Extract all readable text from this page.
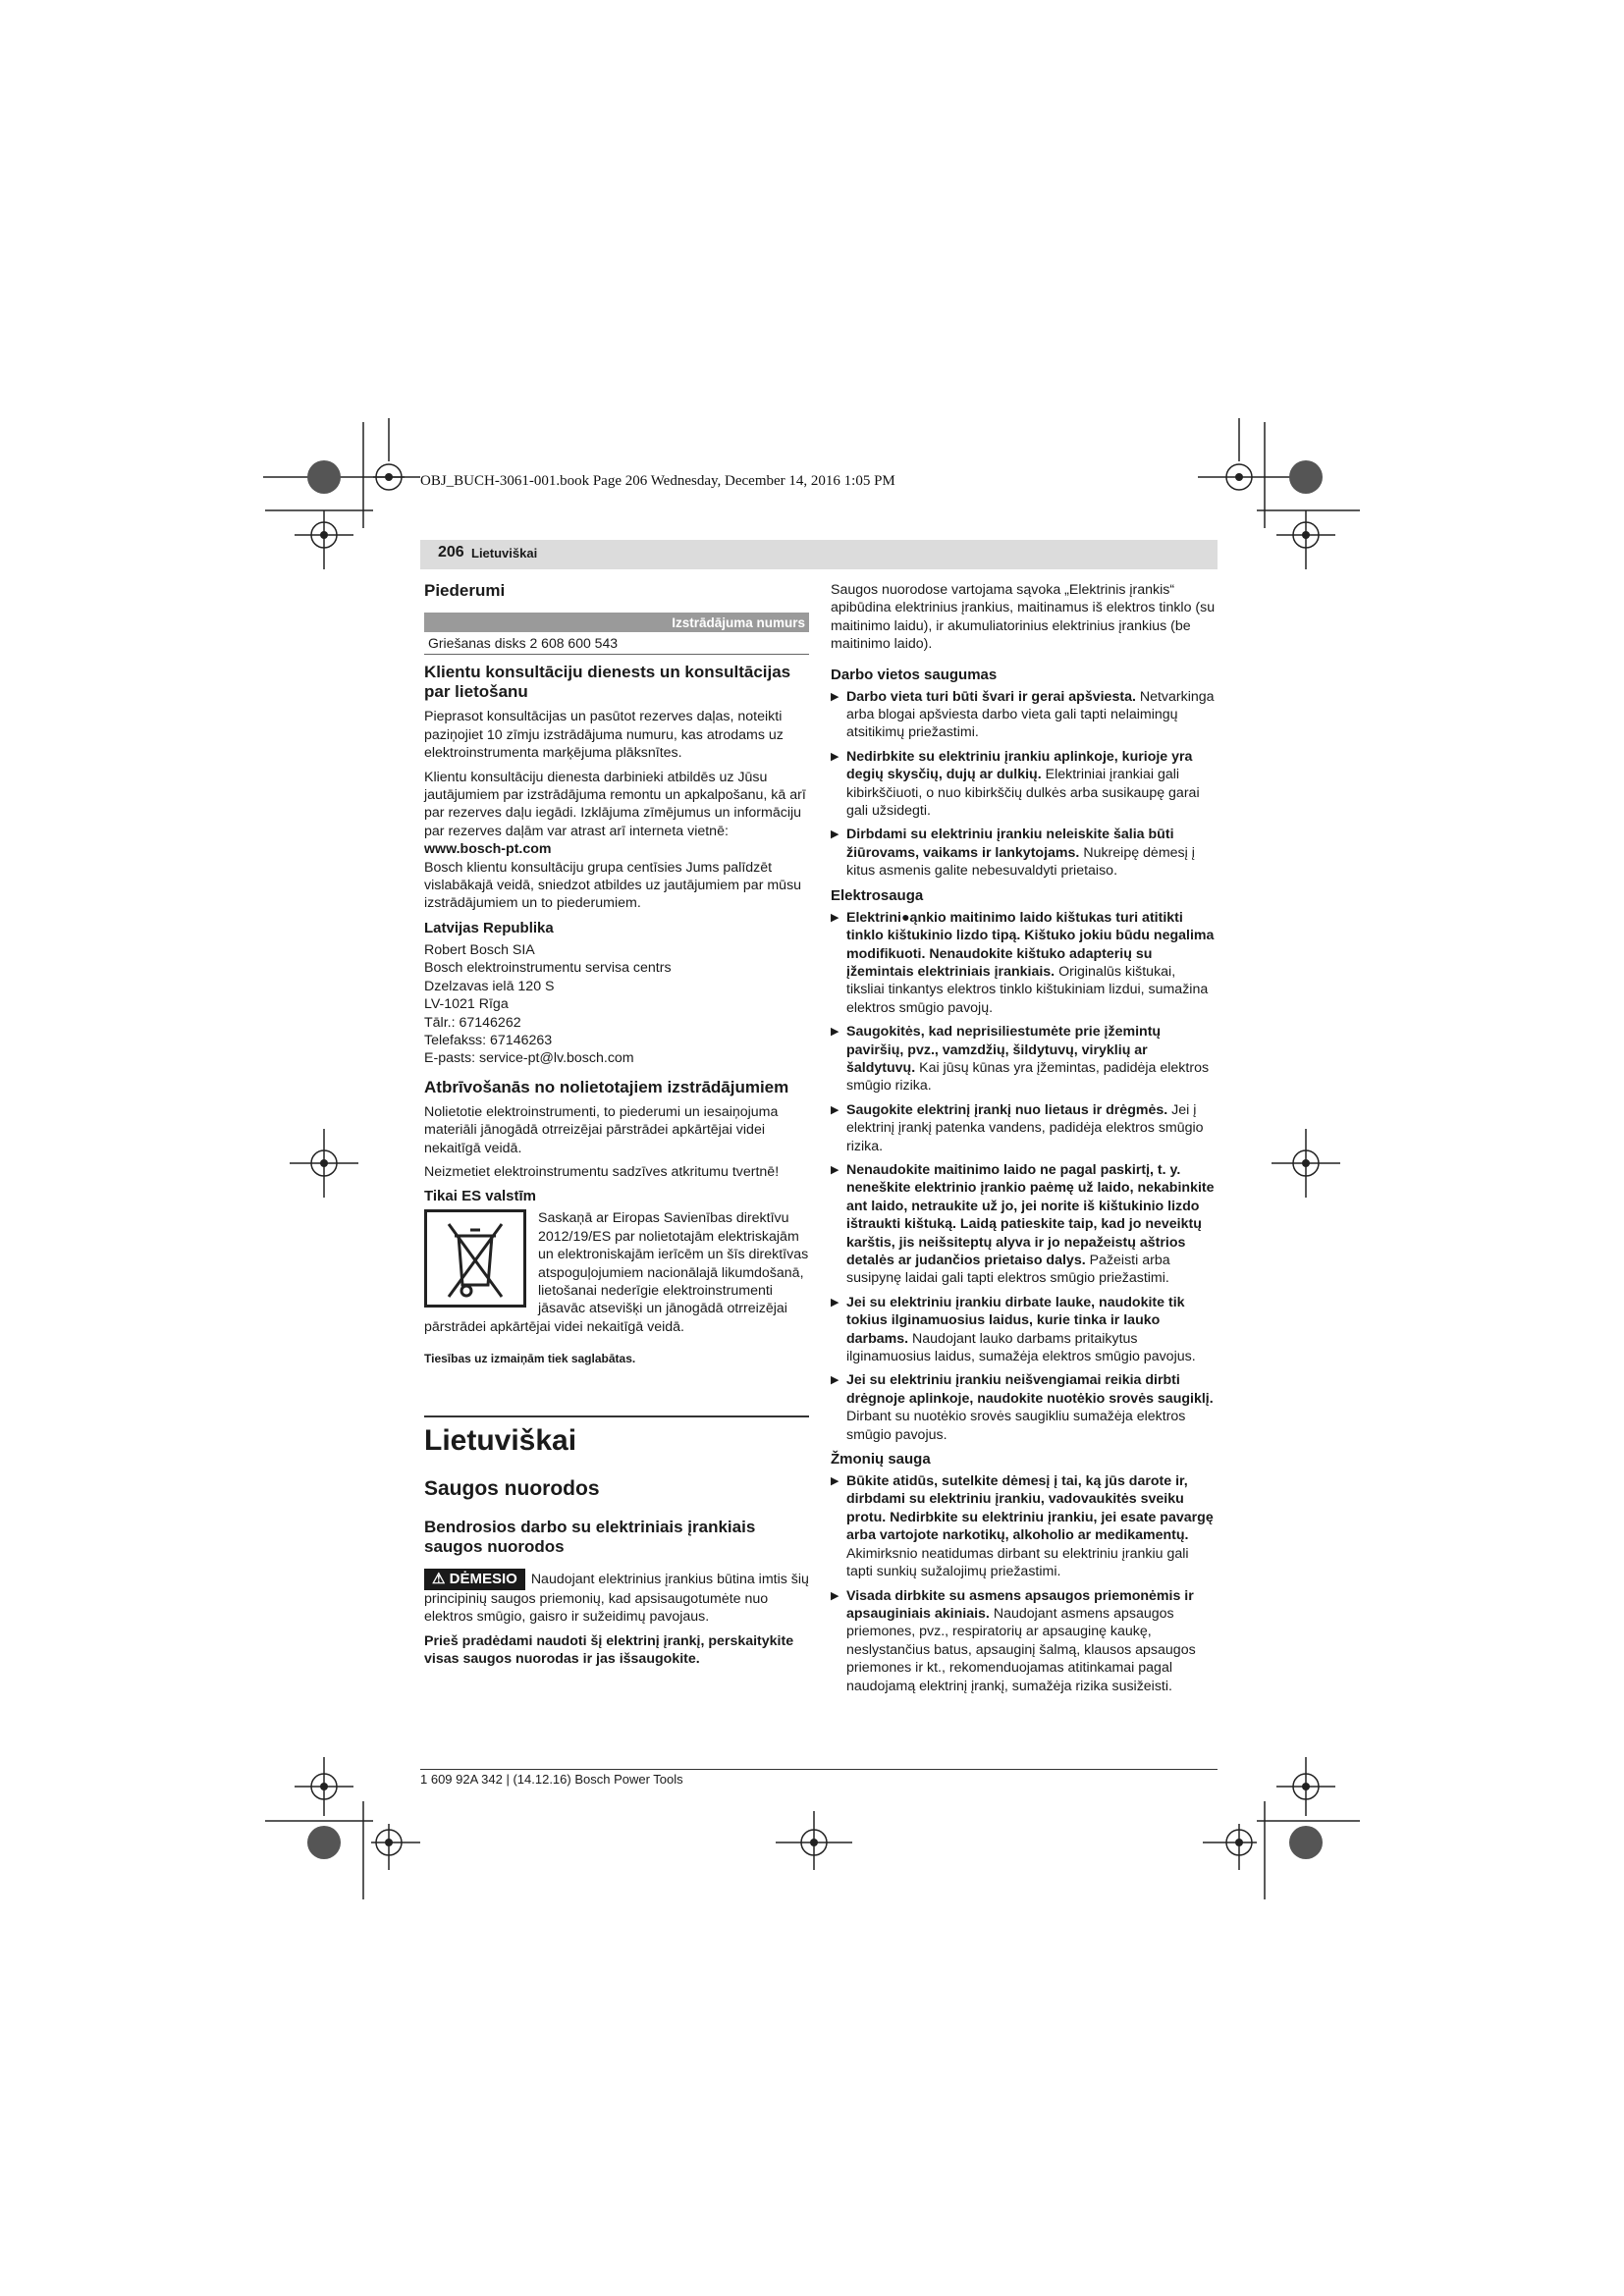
OBJ_BUCH-3061-001.book Page 206 Wednesday, December 14, 2016 1:05 PM
206 Lietuviškai
Piederumi
Izstrādājuma numurs
Griešanas disks 2 608 600 543
Klientu konsultāciju dienests un konsultācijas par lietošanu

Pieprasot konsultācijas un pasūtot rezerves daļas, noteikti paziņojiet 10 zīmju izstrādājuma numuru, kas atrodams uz elektroinstrumenta marķējuma plāksnītes.

Klientu konsultāciju dienesta darbinieki atbildēs uz Jūsu jautājumiem par izstrādājuma remontu un apkalpošanu, kā arī par rezerves daļu iegādi. Izklājuma zīmējumus un informāciju par rezerves daļām var atrast arī interneta vietnē:

www.bosch-pt.com

Bosch klientu konsultāciju grupa centīsies Jums palīdzēt vislabākajā veidā, sniedzot atbildes uz jautājumiem par mūsu izstrādājumiem un to piederumiem.

Latvijas Republika
Robert Bosch SIA
Bosch elektroinstrumentu servisa centrs
Dzelzavas ielā 120 S
LV-1021 Rīga
Tālr.: 67146262
Telefakss: 67146263
E-pasts: service-pt@lv.bosch.com
Atbrīvošanās no nolietotajiem izstrādājumiem

Nolietotie elektroinstrumenti, to piederumi un iesaiņojuma materiāli jānogādā otrreizējai pārstrādei apkārtējai videi nekaitīgā veidā.

Neizmetiet elektroinstrumentu sadzīves atkritumu tvertnē!

Tikai ES valstīm

Saskaņā ar Eiropas Savienības direktīvu 2012/19/ES par nolietotajām elektriskajām un elektroniskajām ierīcēm un šīs direktīvas atspoguļojumiem nacionālajā likumdošanā, lietošanai nederīgie elektroinstrumenti jāsavāc atsevišķi un jānogādā otrreizējai pārstrādei apkārtējai videi nekaitīgā veidā.

Tiesības uz izmaiņām tiek saglabātas.

Lietuviškai
Saugos nuorodos
Bendrosios darbo su elektriniais įrankiais saugos nuorodos

⚠ DĖMESIO Naudojant elektrinius įrankius būtina imtis šių principinių saugos priemonių, kad apsisaugotumėte nuo elektros smūgio, gaisro ir sužeidimų pavojaus.

Prieš pradėdami naudoti šį elektrinį įrankį, perskaitykite visas saugos nuorodas ir jas išsaugokite.

Saugos nuorodose vartojama sąvoka „Elektrinis įrankis“ apibūdina elektrinius įrankius, maitinamus iš elektros tinklo (su maitinimo laidu), ir akumuliatorinius elektrinius įrankius (be maitinimo laido).

Darbo vietos saugumas
▶ Darbo vieta turi būti švari ir gerai apšviesta. Netvarkinga arba blogai apšviesta darbo vieta gali tapti nelaimingų atsitikimų priežastimi.
▶ Nedirbkite su elektriniu įrankiu aplinkoje, kurioje yra degių skysčių, dujų ar dulkių. Elektriniai įrankiai gali kibirkščiuoti, o nuo kibirkščių dulkės arba susikaupę garai gali užsidegti.
▶ Dirbdami su elektriniu įrankiu neleiskite šalia būti žiūrovams, vaikams ir lankytojams. Nukreipę dėmesį į kitus asmenis galite nebesuvaldyti prietaiso.
Elektrosauga
▶ Elektrini●ąnkio maitinimo laido kištukas turi atitikti tinklo kištukinio lizdo tipą. Kištuko jokiu būdu negalima modifikuoti. Nenaudokite kištuko adapterių su įžemintais elektriniais įrankiais. Originalūs kištukai, tiksliai tinkantys elektros tinklo kištukiniam lizdui, sumažina elektros smūgio pavojų.
▶ Saugokitės, kad neprisiliestumėte prie įžemintų paviršių, pvz., vamzdžių, šildytuvų, viryklių ar šaldytuvų. Kai jūsų kūnas yra įžemintas, padidėja elektros smūgio rizika.
▶ Saugokite elektrinį įrankį nuo lietaus ir drėgmės. Jei į elektrinį įrankį patenka vandens, padidėja elektros smūgio rizika.
▶ Nenaudokite maitinimo laido ne pagal paskirtį, t. y. neneškite elektrinio įrankio paėmę už laido, nekabinkite ant laido, netraukite už jo, jei norite iš kištukinio lizdo ištraukti kištuką. Laidą patieskite taip, kad jo neveiktų karštis, jis neišsiteptų alyva ir jo nepažeistų aštrios detalės ar judančios prietaiso dalys. Pažeisti arba susipynę laidai gali tapti elektros smūgio priežastimi.
▶ Jei su elektriniu įrankiu dirbate lauke, naudokite tik tokius ilginamuosius laidus, kurie tinka ir lauko darbams. Naudojant lauko darbams pritaikytus ilginamuosius laidus, sumažėja elektros smūgio pavojus.
▶ Jei su elektriniu įrankiu neišvengiamai reikia dirbti drėgnoje aplinkoje, naudokite nuotėkio srovės saugiklį. Dirbant su nuotėkio srovės saugikliu sumažėja elektros smūgio pavojus.
Žmonių sauga
▶ Būkite atidūs, sutelkite dėmesį į tai, ką jūs darote ir, dirbdami su elektriniu įrankiu, vadovaukitės sveiku protu. Nedirbkite su elektriniu įrankiu, jei esate pavargę arba vartojote narkotikų, alkoholio ar medikamentų. Akimirksnio neatidumas dirbant su elektriniu įrankiu gali tapti sunkių sužalojimų priežastimi.
▶ Visada dirbkite su asmens apsaugos priemonėmis ir apsauginiais akiniais. Naudojant asmens apsaugos priemones, pvz., respiratorių ar apsauginę kaukę, neslystančius batus, apsauginį šalmą, klausos apsaugos priemones ir kt., rekomenduojamas atitinkamai pagal naudojamą elektrinį įrankį, sumažėja rizika susižeisti.
1 609 92A 342 | (14.12.16) Bosch Power Tools
